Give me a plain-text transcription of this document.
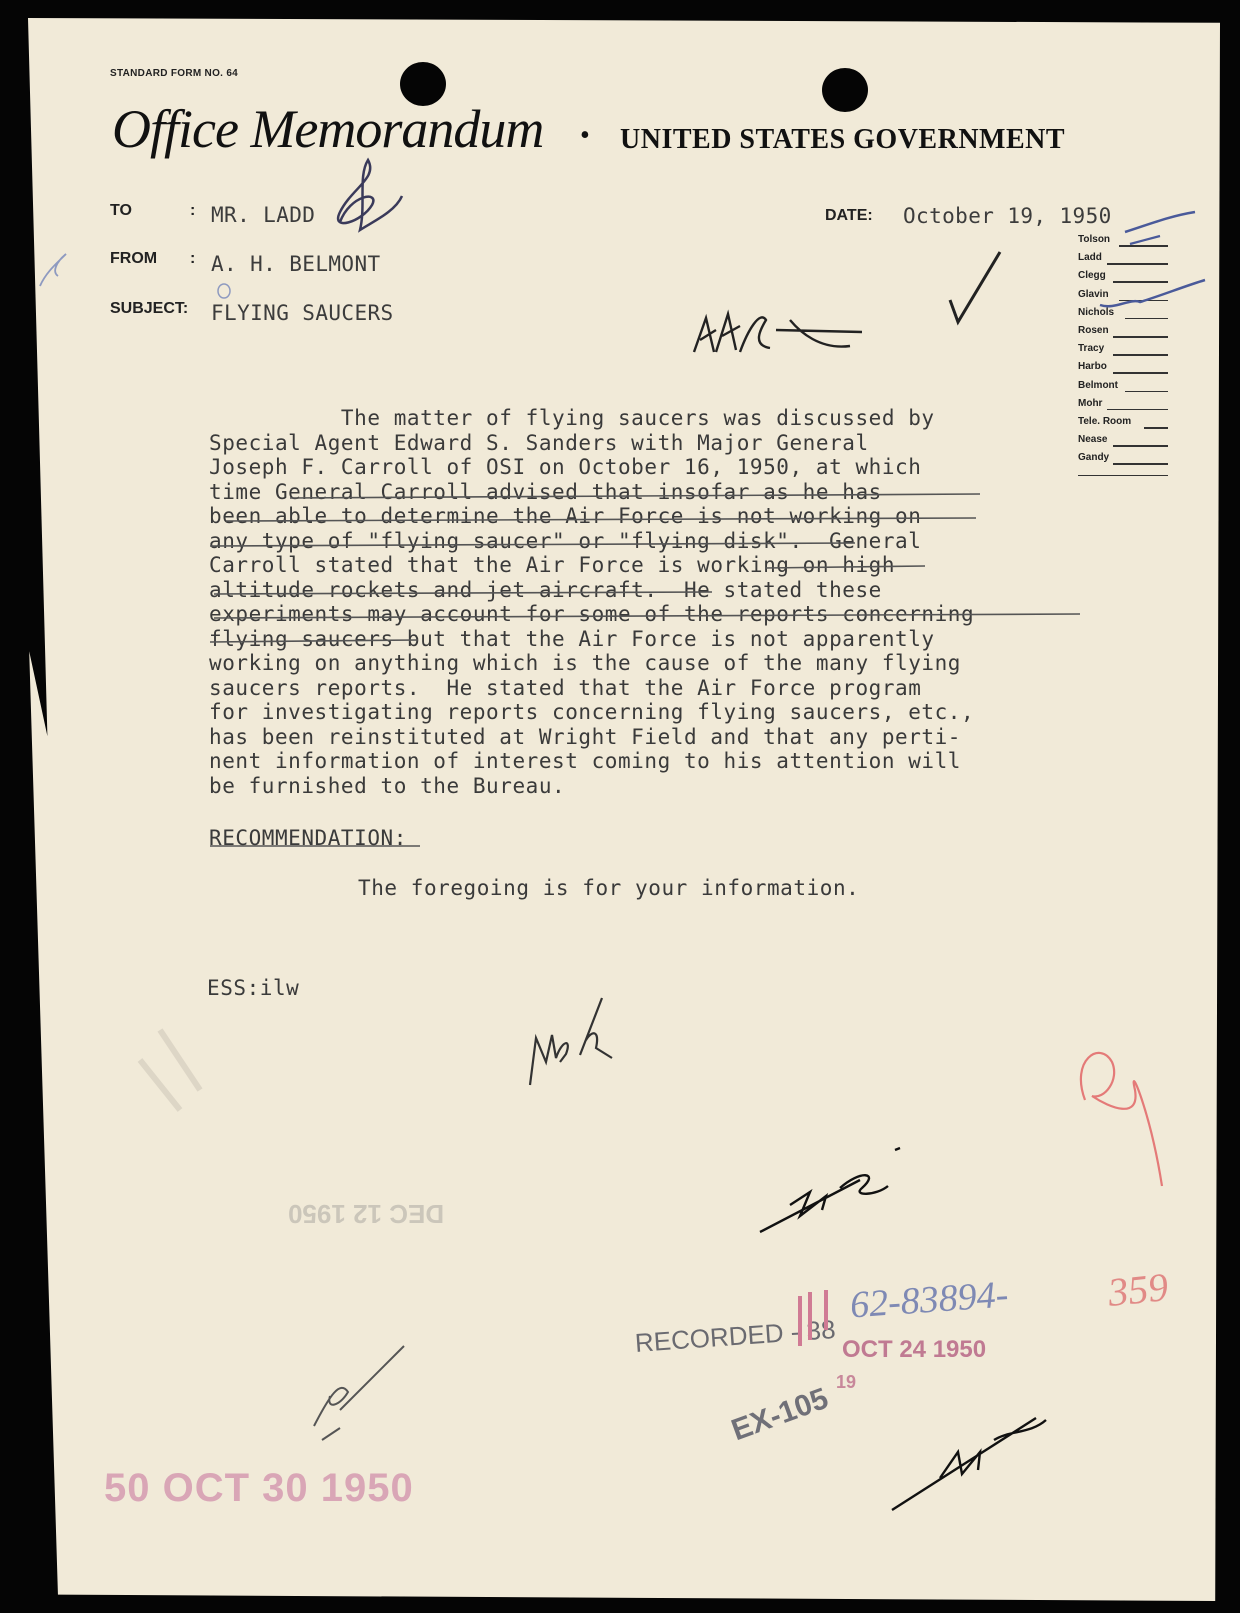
STANDARD FORM NO. 64
Office Memorandum • UNITED STATES GOVERNMENT
TO	: MR. LADD
FROM : A. H. BELMONT
SUBJECT: FLYING SAUCERS
DATE: October 19, 1950
Tolson
Ladd
Clegg
Glavin
Nichols
Rosen
Tracy
Harbo
Belmont
Mohr
Tele. Room
Nease
Gandy
The matter of flying saucers was discussed by
Special Agent Edward S. Sanders with Major General
Joseph F. Carroll of OSI on October 16, 1950, at which
time General Carroll advised that insofar as he has
been able to determine the Air Force is not working on
any type of "flying saucer" or "flying disk".  General
Carroll stated that the Air Force is working on high
altitude rockets and jet aircraft.  He stated these
experiments may account for some of the reports concerning
flying saucers but that the Air Force is not apparently
working on anything which is the cause of the many flying
saucers reports.  He stated that the Air Force program
for investigating reports concerning flying saucers, etc.,
has been reinstituted at Wright Field and that any perti-
nent information of interest coming to his attention will
be furnished to the Bureau.
RECOMMENDATION:
The foregoing is for your information.
ESS:ilw
DEC 12 1950
RECORDED - 38
62-83894- 359
OCT 24 1950
EX-105 19
50 OCT 30 1950
